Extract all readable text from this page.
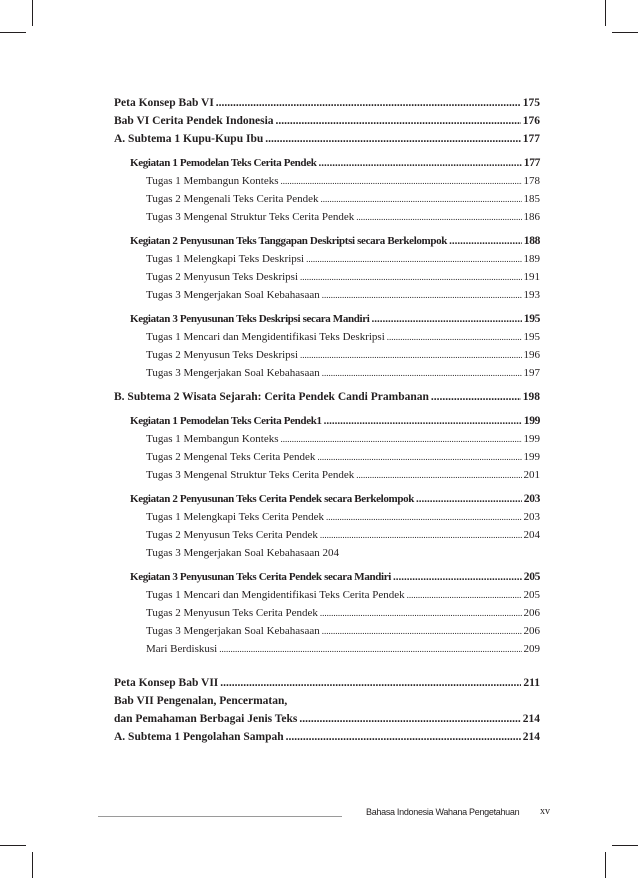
Peta Konsep Bab VI .....	175
Bab VI Cerita Pendek Indonesia .....	176
A. Subtema 1 Kupu-Kupu Ibu .....	177
Kegiatan 1 Pemodelan Teks Cerita Pendek .....	177
Tugas 1 Membangun Konteks .....	178
Tugas 2 Mengenali Teks Cerita Pendek .....	185
Tugas 3 Mengenal Struktur Teks Cerita Pendek .....	186
Kegiatan 2 Penyusunan Teks Tanggapan Deskriptsi secara Berkelompok .....	188
Tugas 1 Melengkapi Teks Deskripsi .....	189
Tugas 2 Menyusun Teks Deskripsi .....	191
Tugas 3 Mengerjakan Soal Kebahasaan .....	193
Kegiatan 3 Penyusunan Teks Deskripsi secara Mandiri .....	195
Tugas 1 Mencari dan Mengidentifikasi Teks Deskripsi .....	195
Tugas 2 Menyusun Teks Deskripsi .....	196
Tugas 3 Mengerjakan Soal Kebahasaan .....	197
B. Subtema 2 Wisata Sejarah: Cerita Pendek Candi Prambanan .....	198
Kegiatan 1 Pemodelan Teks Cerita Pendek1 .....	199
Tugas 1 Membangun Konteks .....	199
Tugas 2 Mengenal Teks Cerita Pendek .....	199
Tugas 3 Mengenal Struktur Teks Cerita Pendek .....	201
Kegiatan 2 Penyusunan Teks Cerita Pendek secara Berkelompok .....	203
Tugas 1 Melengkapi Teks Cerita Pendek .....	203
Tugas 2 Menyusun Teks Cerita Pendek .....	204
Tugas 3 Mengerjakan Soal Kebahasaan 204
Kegiatan 3 Penyusunan Teks Cerita Pendek secara Mandiri .....	205
Tugas 1 Mencari dan Mengidentifikasi Teks Cerita Pendek .....	205
Tugas 2 Menyusun Teks Cerita Pendek .....	206
Tugas 3 Mengerjakan Soal Kebahasaan .....	206
Mari Berdiskusi .....	209
Peta Konsep Bab VII .....	211
Bab VII Pengenalan, Pencermatan,
dan Pemahaman Berbagai Jenis Teks .....	214
A. Subtema 1 Pengolahan Sampah .....	214
Bahasa Indonesia Wahana Pengetahuan xv
